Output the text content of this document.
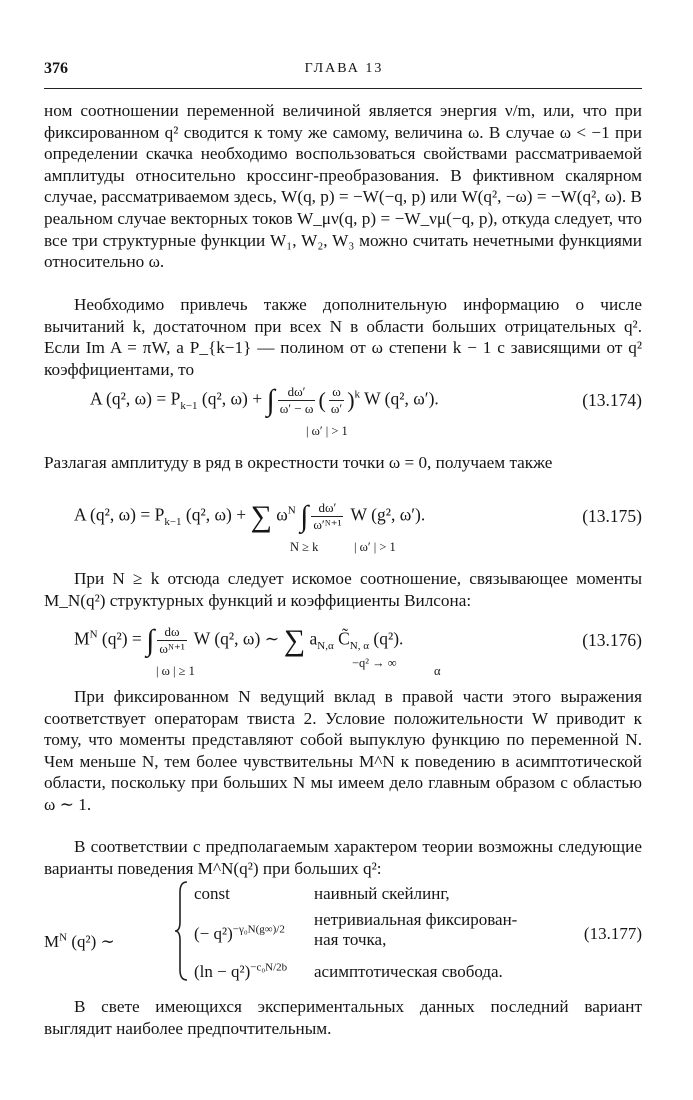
376	ГЛАВА 13

ном соотношении переменной величиной является энергия ν/m, или, что при фиксированном q² сводится к тому же самому, величина ω. В случае ω < −1 при определении скачка необходимо воспользоваться свойствами рассматриваемой амплитуды относительно кроссинг-преобразования. В фиктивном скалярном случае, рассматриваемом здесь, W(q, p) = −W(−q, p) или W(q², −ω) = −W(q², ω). В реальном случае векторных токов W_μν(q, p) = −W_νμ(−q, p), откуда следует, что все три структурные функции W₁, W₂, W₃ можно считать нечетными функциями относительно ω.

Необходимо привлечь также дополнительную информацию о числе вычитаний k, достаточном при всех N в области больших отрицательных q². Если Im A = πW, а P_{k−1} — полином от ω степени k − 1 с зависящими от q² коэффициентами, то

A (q², $\omega) = P_{k-1}$ (q², ω) + ∫ $\frac{d\omega'}{\omega' - \omega}$ ( $\frac{\omega}{\omega'} )^k$ W (q², ω′).
| ω′ | > 1
(13.174)

Разлагая амплитуду в ряд в окрестности точки ω = 0, получаем также

A (q², $\omega) = P_{k-1}$ (q², ω) + ∑ $\omega^N$ ∫ $\frac{d\omega'}{\text{ω′ᴺ⁺¹}}$ W (g², ω′).
N ≥ k	| ω′ | > 1
(13.175)

При N ≥ k отсюда следует искомое соотношение, связывающее моменты M_N(q²) структурных функций и коэффициенты Вилсона:

$M^N$ (q²) = ∫ $\frac{d\omega}{\text{ωᴺ⁺¹}}$ W (q², ω) ∼ ∑ $a_{N,\alpha}$ $C̃_{N, \alpha}$ (q²).
| ω | ≥ 1
−q² → ∞
α
(13.176)

При фиксированном N ведущий вклад в правой части этого выражения соответствует операторам твиста 2. Условие положительности W приводит к тому, что моменты представляют собой выпуклую функцию по переменной N. Чем меньше N, тем более чувствительны M^N к поведению в асимптотической области, поскольку при больших N мы имеем дело главным образом с областью ω ∼ 1.

В соответствии с предполагаемым характером теории возможны следующие варианты поведения M^N(q²) при больших q²:

$M^N$ (q²) ∼
const	наивный скейлинг,
(− q²)$^{-\gamma_0N(g\infty)/2}$
нетривиальная фиксирован-
ная точка,
$(\ln - q^2)^{-c_0N/2b}$ асимптотическая свобода.
(13.177)

В свете имеющихся экспериментальных данных последний вариант выглядит наиболее предпочтительным.
